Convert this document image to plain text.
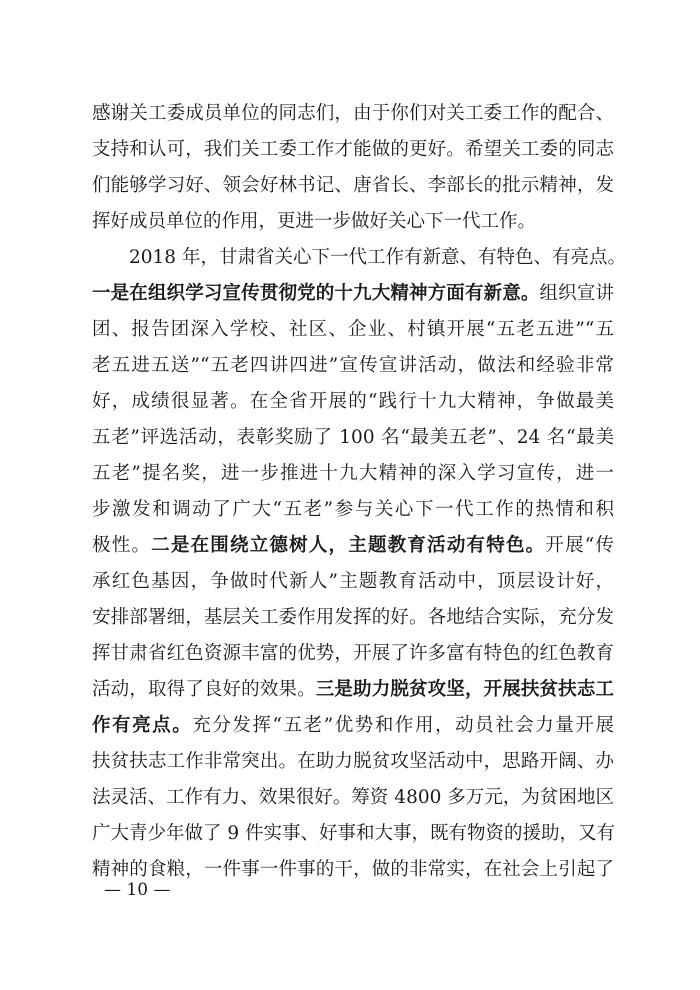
感谢关工委成员单位的同志们，由于你们对关工委工作的配合、
支持和认可，我们关工委工作才能做的更好。希望关工委的同志
们能够学习好、领会好林书记、唐省长、李部长的批示精神，发
挥好成员单位的作用，更进一步做好关心下一代工作。
2018 年，甘肃省关心下一代工作有新意、有特色、有亮点。
一是在组织学习宣传贯彻党的十九大精神方面有新意。组织宣讲
团、报告团深入学校、社区、企业、村镇开展“五老五进”“五
老五进五送”“五老四讲四进”宣传宣讲活动，做法和经验非常
好，成绩很显著。在全省开展的“践行十九大精神，争做最美
五老”评选活动，表彰奖励了 100 名“最美五老”、24 名“最美
五老”提名奖，进一步推进十九大精神的深入学习宣传，进一
步激发和调动了广大“五老”参与关心下一代工作的热情和积
极性。二是在围绕立德树人，主题教育活动有特色。开展“传
承红色基因，争做时代新人”主题教育活动中，顶层设计好，
安排部署细，基层关工委作用发挥的好。各地结合实际，充分发
挥甘肃省红色资源丰富的优势，开展了许多富有特色的红色教育
活动，取得了良好的效果。三是助力脱贫攻坚，开展扶贫扶志工
作有亮点。充分发挥“五老”优势和作用，动员社会力量开展
扶贫扶志工作非常突出。在助力脱贫攻坚活动中，思路开阔、办
法灵活、工作有力、效果很好。筹资 4800 多万元，为贫困地区
广大青少年做了 9 件实事、好事和大事，既有物资的援助，又有
精神的食粮，一件事一件事的干，做的非常实，在社会上引起了
— 10 —
